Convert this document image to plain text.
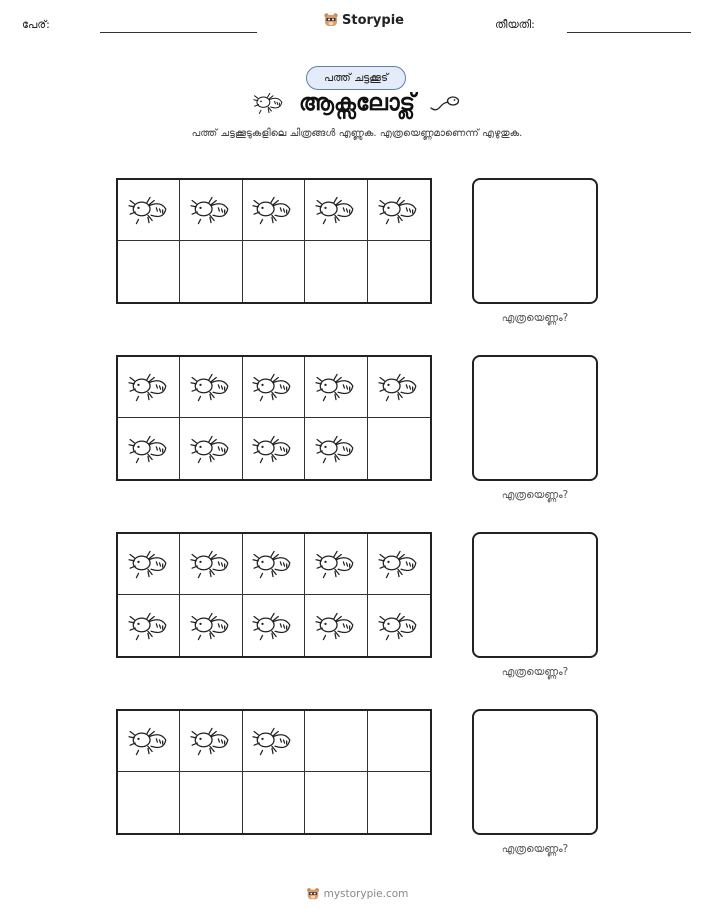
പേര്:	Storypie	തീയതി:
പത്ത് ചട്ടക്കൂട്
ആക്സലോട്ല്
പത്ത് ചട്ടക്കൂടുകളിലെ ചിത്രങ്ങൾ എണ്ണുക. എത്രയെണ്ണമാണെന്ന് എഴുതുക.
എത്രയെണ്ണം?
എത്രയെണ്ണം?
എത്രയെണ്ണം?
എത്രയെണ്ണം?
mystorypie.com
